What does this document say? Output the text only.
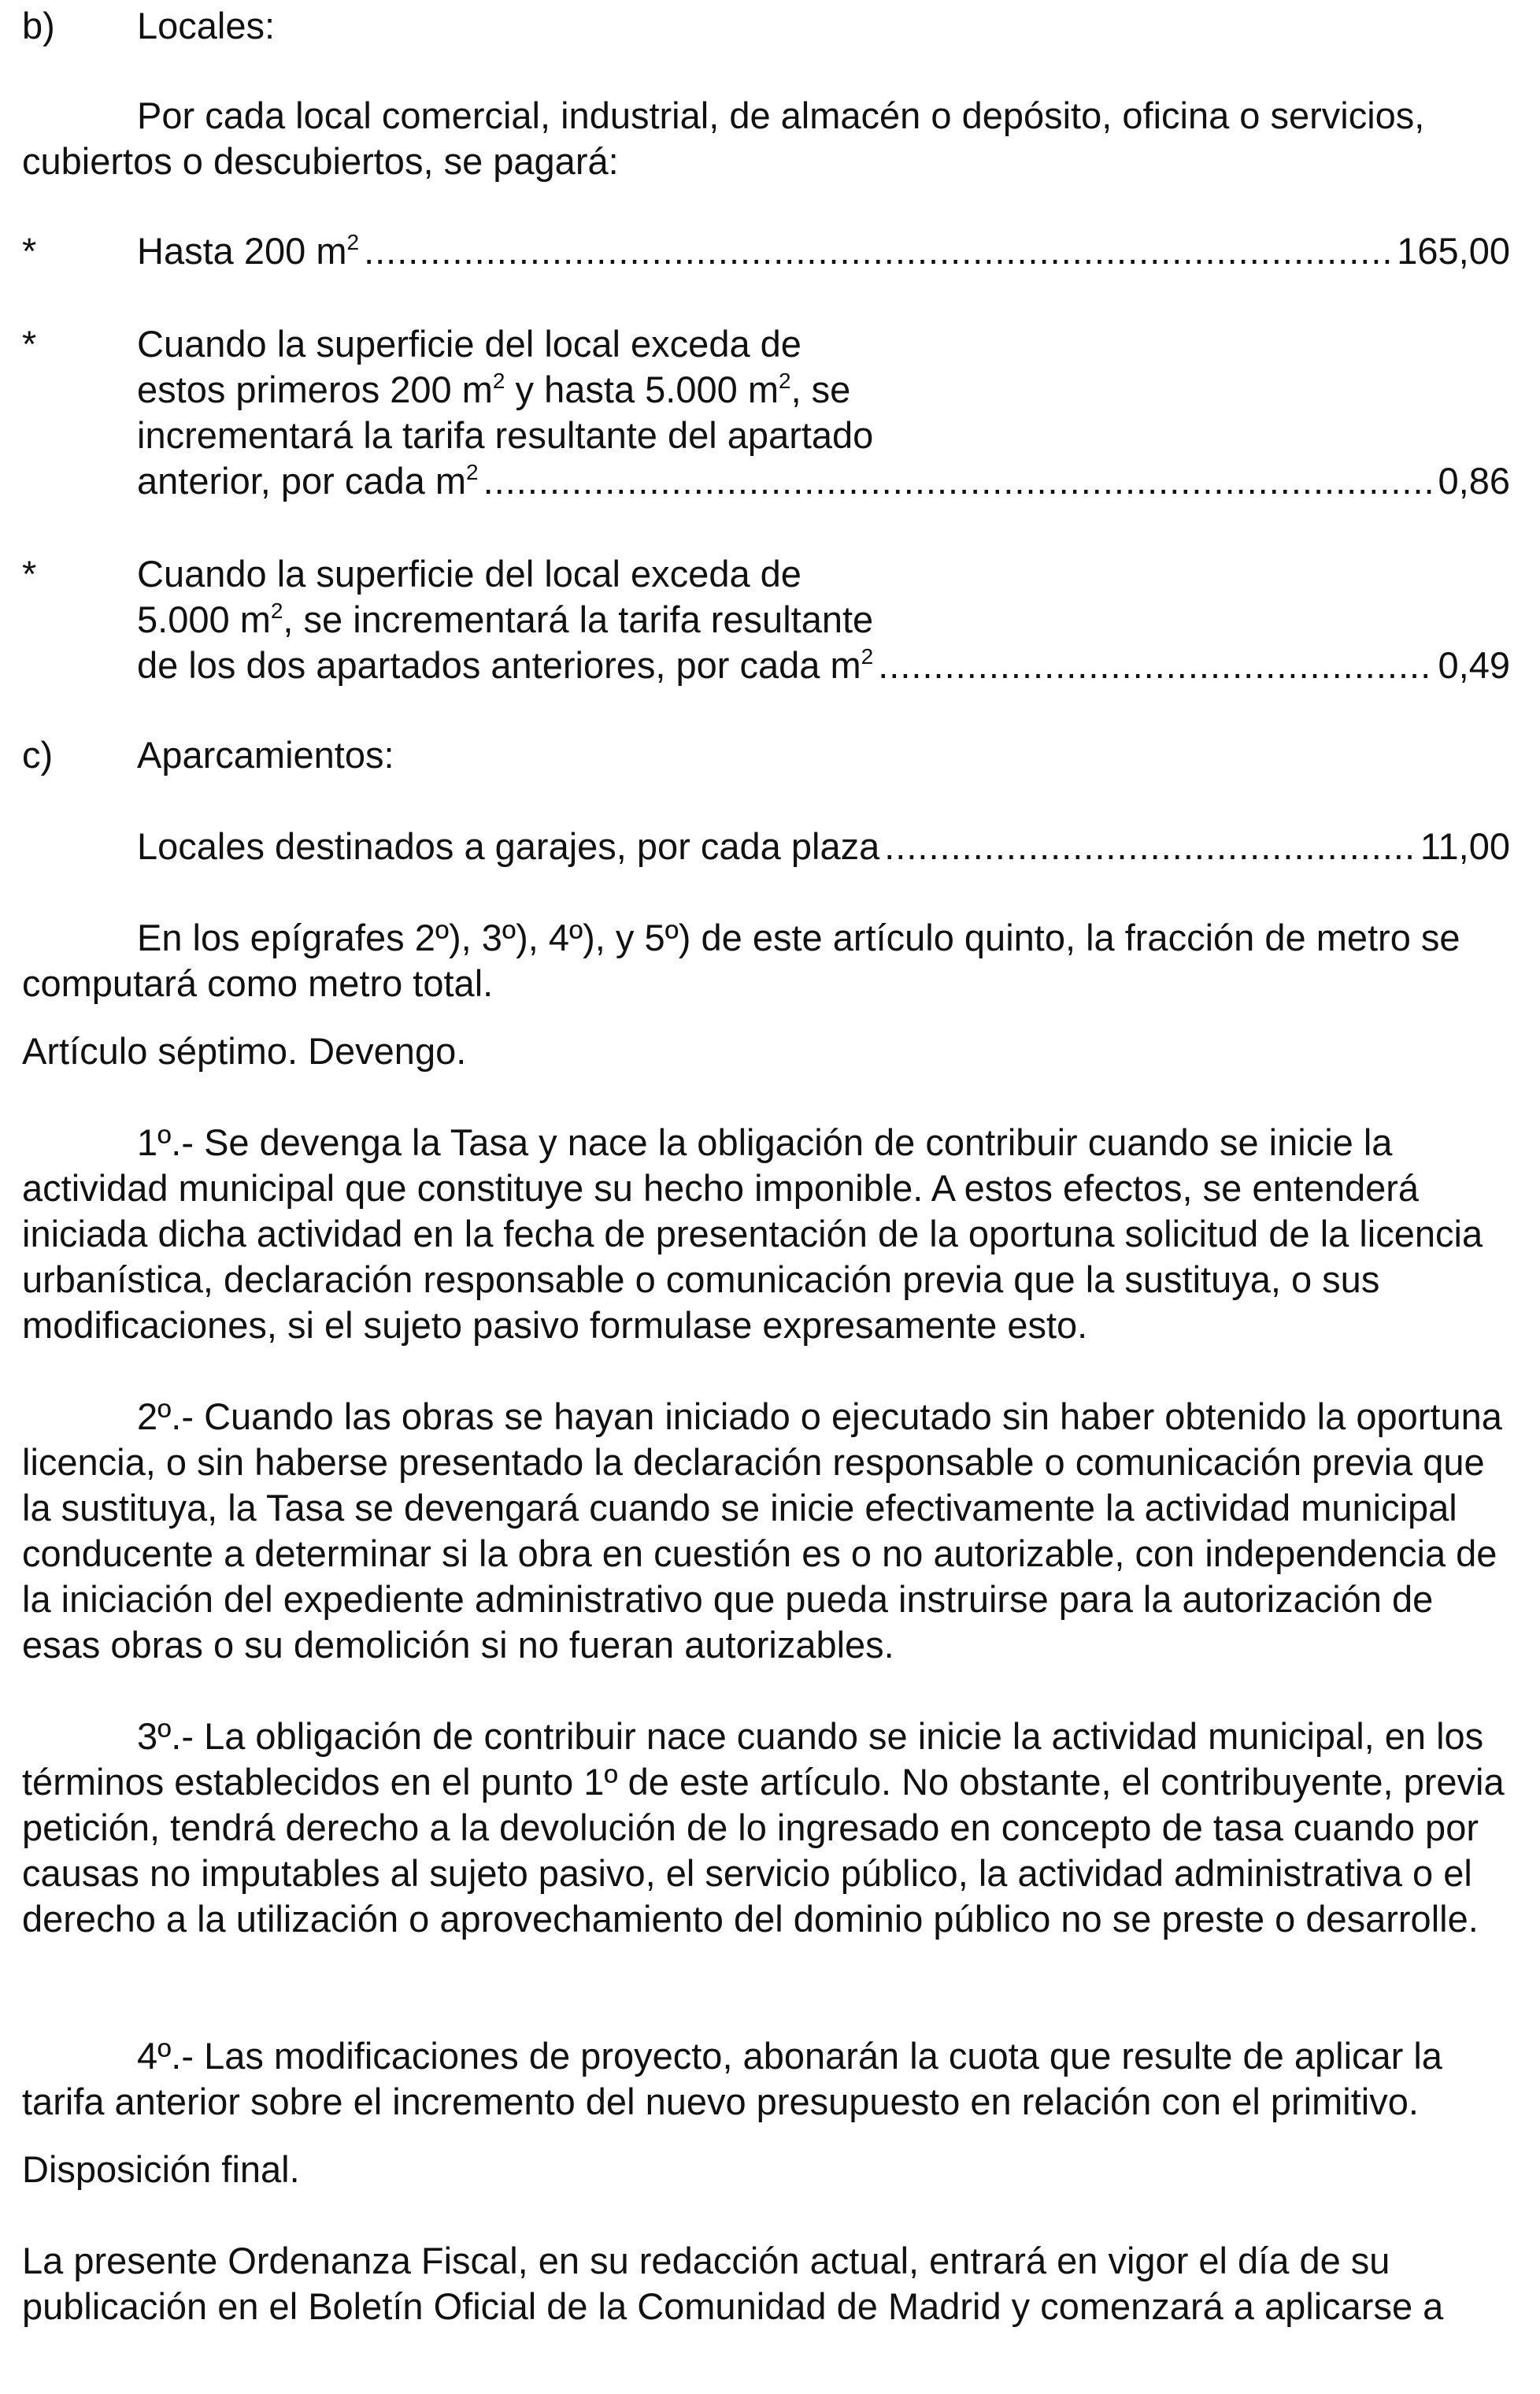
b) Locales:

Por cada local comercial, industrial, de almacén o depósito, oficina o servicios, cubiertos o descubiertos, se pagará:

*	Hasta 200 $m^2$ .....	165,00
*	Cuando la superficie del local exceda de
estos primeros 200 $m^2$ y hasta 5.000 $m^2$, se
incrementará la tarifa resultante del apartado
anterior, por cada $m^2$ .....	0,86
*	Cuando la superficie del local exceda de
5.000 $m^2$, se incrementará la tarifa resultante
de los dos apartados anteriores, por cada $m^2$ .....	0,49
c) Aparcamientos:
Locales destinados a garajes, por cada plaza .....	11,00

En los epígrafes 2º), 3º), 4º), y 5º) de este artículo quinto, la fracción de metro se computará como metro total.

Artículo séptimo. Devengo.

1º.- Se devenga la Tasa y nace la obligación de contribuir cuando se inicie la actividad municipal que constituye su hecho imponible. A estos efectos, se entenderá iniciada dicha actividad en la fecha de presentación de la oportuna solicitud de la licencia urbanística, declaración responsable o comunicación previa que la sustituya, o sus modificaciones, si el sujeto pasivo formulase expresamente esto.

2º.- Cuando las obras se hayan iniciado o ejecutado sin haber obtenido la oportuna licencia, o sin haberse presentado la declaración responsable o comunicación previa que la sustituya, la Tasa se devengará cuando se inicie efectivamente la actividad municipal conducente a determinar si la obra en cuestión es o no autorizable, con independencia de la iniciación del expediente administrativo que pueda instruirse para la autorización de esas obras o su demolición si no fueran autorizables.

3º.- La obligación de contribuir nace cuando se inicie la actividad municipal, en los términos establecidos en el punto 1º de este artículo. No obstante, el contribuyente, previa petición, tendrá derecho a la devolución de lo ingresado en concepto de tasa cuando por causas no imputables al sujeto pasivo, el servicio público, la actividad administrativa o el derecho a la utilización o aprovechamiento del dominio público no se preste o desarrolle.

4º.- Las modificaciones de proyecto, abonarán la cuota que resulte de aplicar la tarifa anterior sobre el incremento del nuevo presupuesto en relación con el primitivo.

Disposición final.

La presente Ordenanza Fiscal, en su redacción actual, entrará en vigor el día de su publicación en el Boletín Oficial de la Comunidad de Madrid y comenzará a aplicarse a
